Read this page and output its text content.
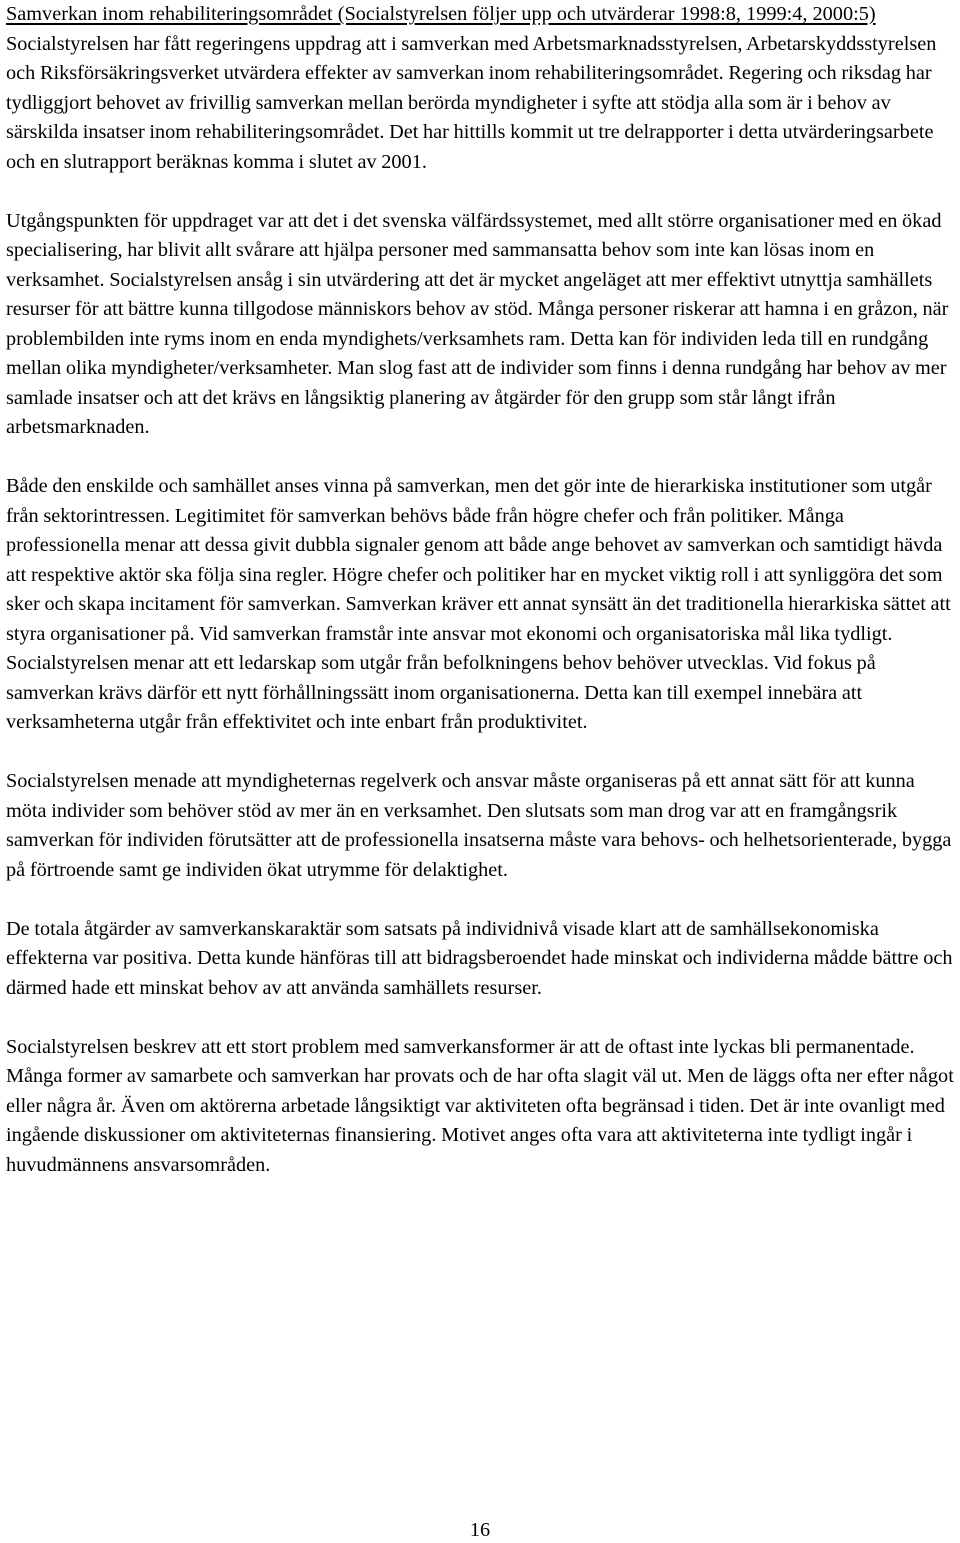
Samverkan inom rehabiliteringsområdet (Socialstyrelsen följer upp och utvärderar 1998:8, 1999:4, 2000:5)

Socialstyrelsen har fått regeringens uppdrag att i samverkan med Arbetsmarknadsstyrelsen, Arbetarskyddsstyrelsen och Riksförsäkringsverket utvärdera effekter av samverkan inom rehabiliteringsområdet. Regering och riksdag har tydliggjort behovet av frivillig samverkan mellan berörda myndigheter i syfte att stödja alla som är i behov av särskilda insatser inom rehabiliteringsområdet. Det har hittills kommit ut tre delrapporter i detta utvärderingsarbete och en slutrapport beräknas komma i slutet av 2001.

Utgångspunkten för uppdraget var att det i det svenska välfärdssystemet, med allt större organisationer med en ökad specialisering, har blivit allt svårare att hjälpa personer med sammansatta behov som inte kan lösas inom en verksamhet. Socialstyrelsen ansåg i sin utvärdering att det är mycket angeläget att mer effektivt utnyttja samhällets resurser för att bättre kunna tillgodose människors behov av stöd. Många personer riskerar att hamna i en gråzon, när problembilden inte ryms inom en enda myndighets/verksamhets ram. Detta kan för individen leda till en rundgång mellan olika myndigheter/verksamheter. Man slog fast att de individer som finns i denna rundgång har behov av mer samlade insatser och att det krävs en långsiktig planering av åtgärder för den grupp som står långt ifrån arbetsmarknaden.

Både den enskilde och samhället anses vinna på samverkan, men det gör inte de hierarkiska institutioner som utgår från sektorintressen. Legitimitet för samverkan behövs både från högre chefer och från politiker. Många professionella menar att dessa givit dubbla signaler genom att både ange behovet av samverkan och samtidigt hävda att respektive aktör ska följa sina regler. Högre chefer och politiker har en mycket viktig roll i att synliggöra det som sker och skapa incitament för samverkan. Samverkan kräver ett annat synsätt än det traditionella hierarkiska sättet att styra organisationer på. Vid samverkan framstår inte ansvar mot ekonomi och organisatoriska mål lika tydligt. Socialstyrelsen menar att ett ledarskap som utgår från befolkningens behov behöver utvecklas. Vid fokus på samverkan krävs därför ett nytt förhållningssätt inom organisationerna. Detta kan till exempel innebära att verksamheterna utgår från effektivitet och inte enbart från produktivitet.

Socialstyrelsen menade att myndigheternas regelverk och ansvar måste organiseras på ett annat sätt för att kunna möta individer som behöver stöd av mer än en verksamhet. Den slutsats som man drog var att en framgångsrik samverkan för individen förutsätter att de professionella insatserna måste vara behovs- och helhetsorienterade, bygga på förtroende samt ge individen ökat utrymme för delaktighet.

De totala åtgärder av samverkanskaraktär som satsats på individnivå visade klart att de samhällsekonomiska effekterna var positiva. Detta kunde hänföras till att bidragsberoendet hade minskat och individerna mådde bättre och därmed hade ett minskat behov av att använda samhällets resurser.

Socialstyrelsen beskrev att ett stort problem med samverkansformer är att de oftast inte lyckas bli permanentade. Många former av samarbete och samverkan har provats och de har ofta slagit väl ut. Men de läggs ofta ner efter något eller några år. Även om aktörerna arbetade långsiktigt var aktiviteten ofta begränsad i tiden. Det är inte ovanligt med ingående diskussioner om aktiviteternas finansiering. Motivet anges ofta vara att aktiviteterna inte tydligt ingår i huvudmännens ansvarsområden.

16
